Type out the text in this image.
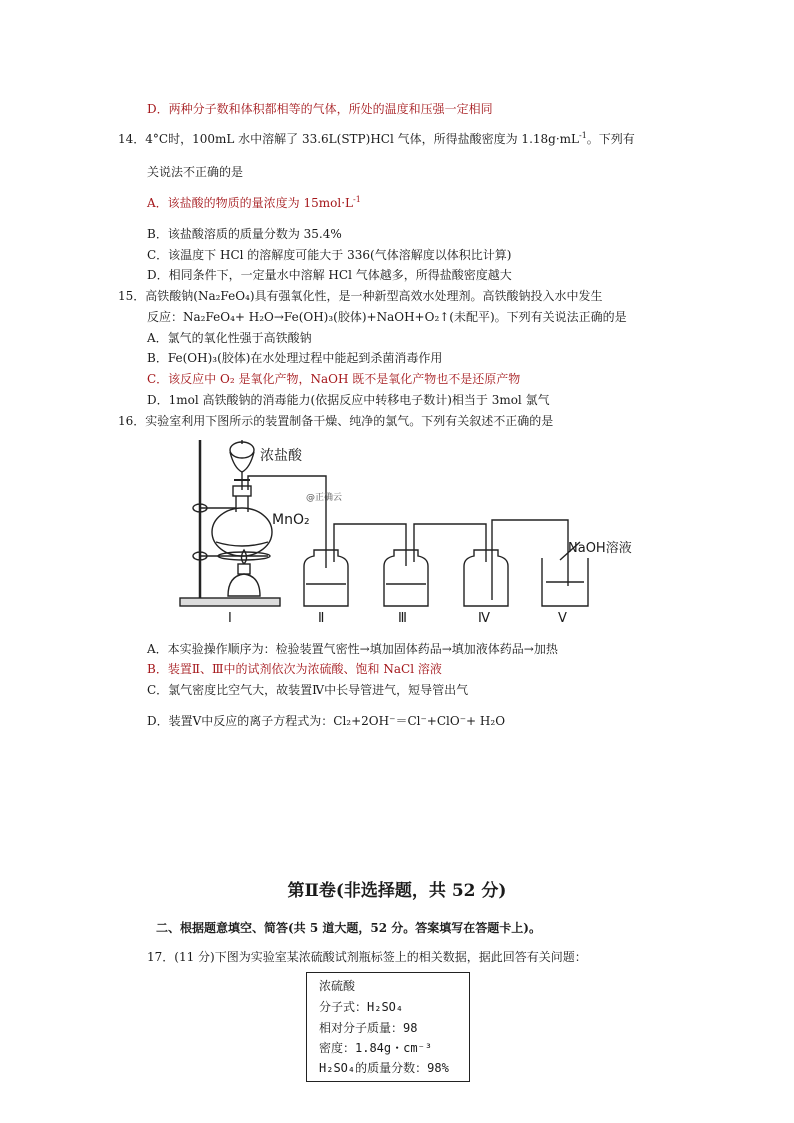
D．两种分子数和体积都相等的气体，所处的温度和压强一定相同
14．4°C时，100mL 水中溶解了 33.6L(STP)HCl 气体，所得盐酸密度为 $1.18g\cdot mL^{-1}$。下列有
关说法不正确的是
A．该盐酸的物质的量浓度为 $15mol\cdot L^{-1}$
B．该盐酸溶质的质量分数为 35.4%
C．该温度下 HCl 的溶解度可能大于 336(气体溶解度以体积比计算)
D．相同条件下，一定量水中溶解 HCl 气体越多，所得盐酸密度越大
15．高铁酸钠(Na₂FeO₄)具有强氧化性，是一种新型高效水处理剂。高铁酸钠投入水中发生
反应：Na₂FeO₄+ H₂O→Fe(OH)₃(胶体)+NaOH+O₂↑(未配平)。下列有关说法正确的是
A．氯气的氧化性强于高铁酸钠
B．Fe(OH)₃(胶体)在水处理过程中能起到杀菌消毒作用
C．该反应中 O₂ 是氧化产物，NaOH 既不是氧化产物也不是还原产物
D．1mol 高铁酸钠的消毒能力(依据反应中转移电子数计)相当于 3mol 氯气
16．实验室利用下图所示的装置制备干燥、纯净的氯气。下列有关叙述不正确的是
浓盐酸
@正确云
MnO₂
NaOH溶液
I	Ⅱ	Ⅲ	Ⅳ	V
A．本实验操作顺序为：检验装置气密性→填加固体药品→填加液体药品→加热
B．装置Ⅱ、Ⅲ中的试剂依次为浓硫酸、饱和 NaCl 溶液
C．氯气密度比空气大，故装置Ⅳ中长导管进气，短导管出气
D．装置Ⅴ中反应的离子方程式为：Cl₂+2OH⁻＝Cl⁻+ClO⁻+ H₂O
第Ⅱ卷(非选择题，共 52 分)
二、根据题意填空、简答(共 5 道大题，52 分。答案填写在答题卡上)。
17．(11 分)下图为实验室某浓硫酸试剂瓶标签上的相关数据，据此回答有关问题：
浓硫酸
分子式：H₂SO₄
相对分子质量：98
密度：1.84g・cm⁻³
H₂SO₄的质量分数：98%
